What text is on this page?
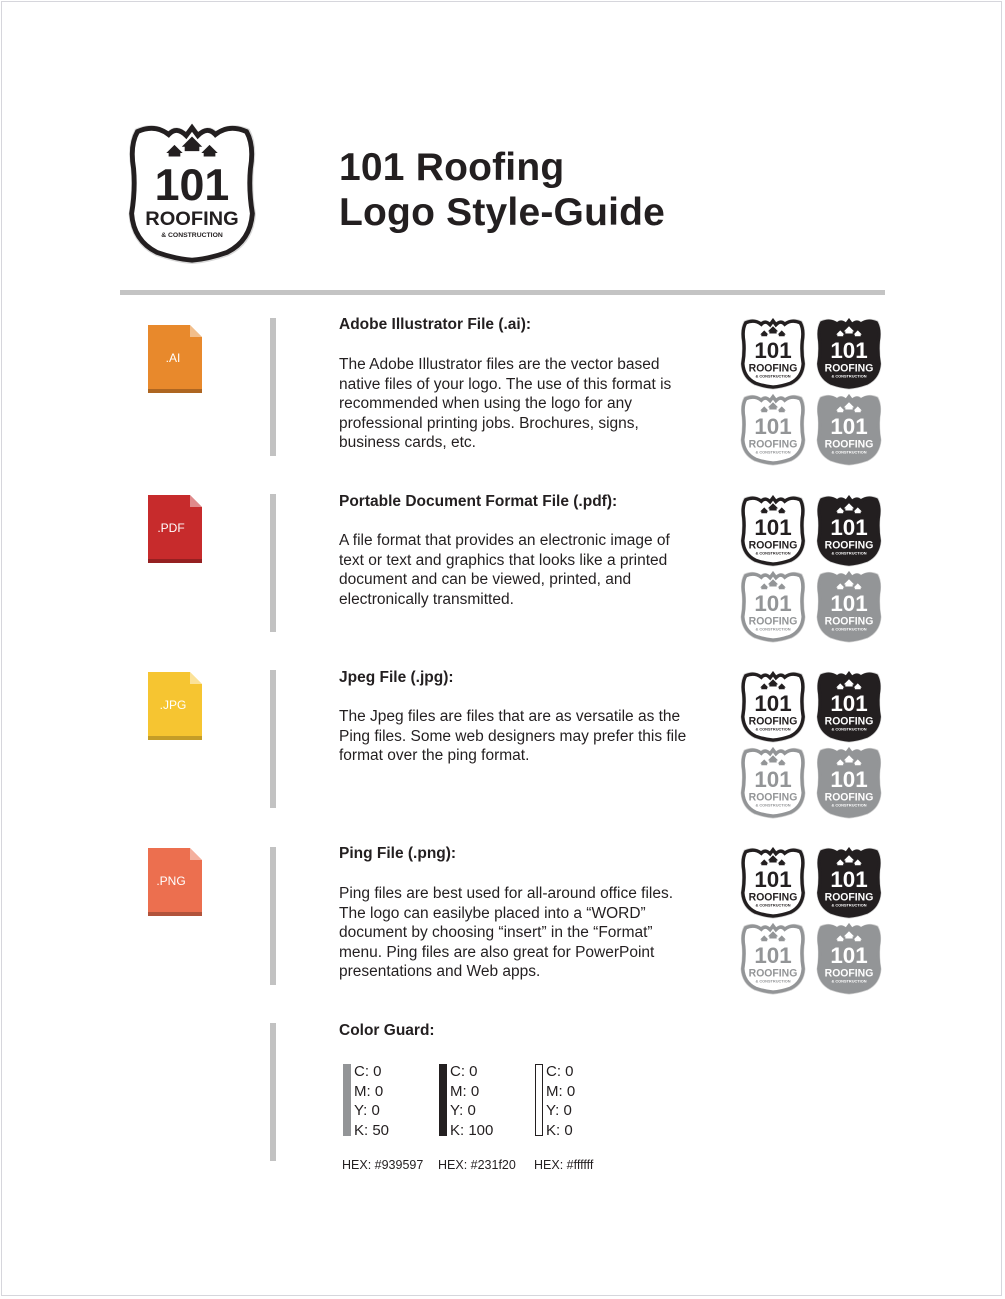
101
ROOFING
& CONSTRUCTION
101 Roofing
Logo Style-Guide
.AI
Adobe Illustrator File (.ai):
The Adobe Illustrator files are the vector based native files of your logo. The use of this format is recommended when using the logo for any professional printing jobs. Brochures, signs, business cards, etc.
101
ROOFING
& CONSTRUCTION
101
ROOFING
& CONSTRUCTION
101
ROOFING
& CONSTRUCTION
101
ROOFING
& CONSTRUCTION
.PDF
Portable Document Format File (.pdf):
A file format that provides an electronic image of text or text and graphics that looks like a printed document and can be viewed, printed, and electronically transmitted.
101
ROOFING
& CONSTRUCTION
101
ROOFING
& CONSTRUCTION
101
ROOFING
& CONSTRUCTION
101
ROOFING
& CONSTRUCTION
.JPG
Jpeg File (.jpg):
The Jpeg files are files that are as versatile as the Ping files. Some web designers may prefer this file format over the ping format.
101
ROOFING
& CONSTRUCTION
101
ROOFING
& CONSTRUCTION
101
ROOFING
& CONSTRUCTION
101
ROOFING
& CONSTRUCTION
.PNG
Ping File (.png):
Ping files are best used for all-around office files. The logo can easilybe placed into a “WORD” document by choosing “insert” in the “Format” menu. Ping files are also great for PowerPoint presentations and Web apps.
101
ROOFING
& CONSTRUCTION
101
ROOFING
& CONSTRUCTION
101
ROOFING
& CONSTRUCTION
101
ROOFING
& CONSTRUCTION
Color Guard:
C: 0
M: 0
Y: 0
K: 50
C: 0
M: 0
Y: 0
K: 100
C: 0
M: 0
Y: 0
K: 0
HEX: #939597 HEX: #231f20 HEX: #ffffff
